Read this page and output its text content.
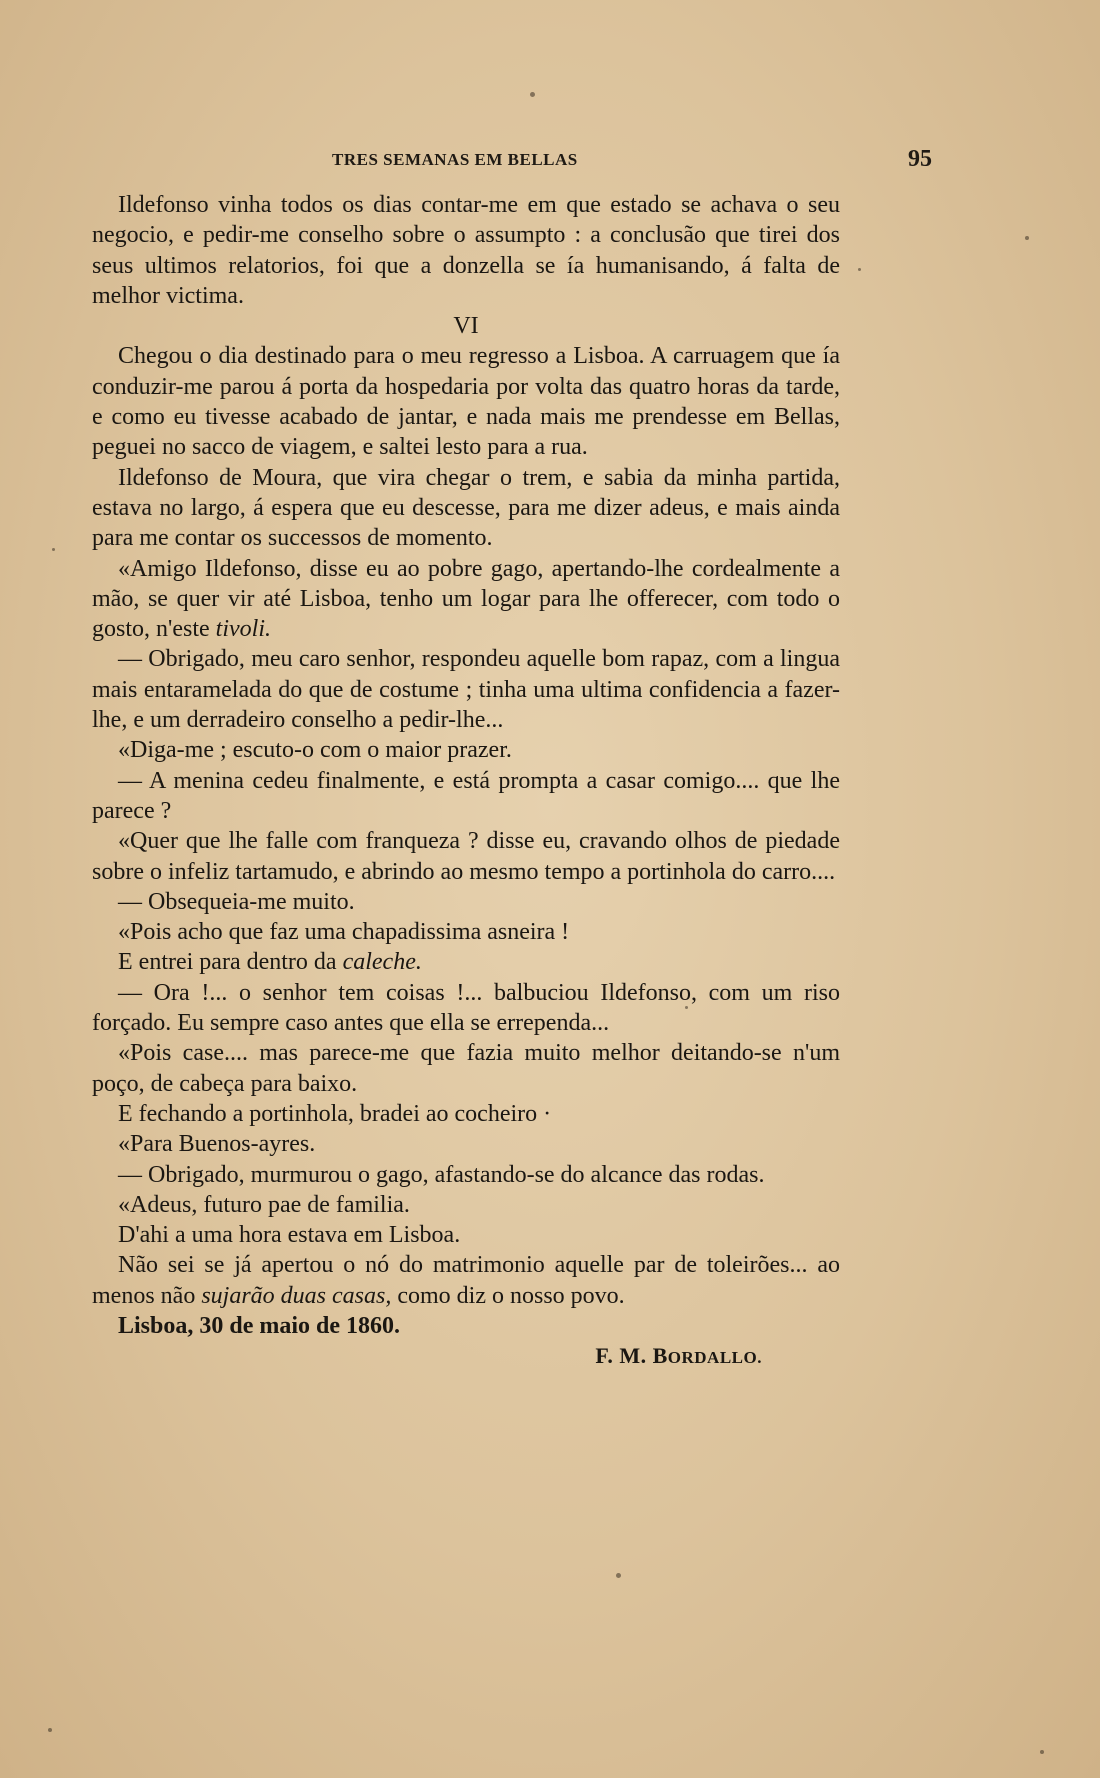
TRES SEMANAS EM BELLAS	95

Ildefonso vinha todos os dias contar-me em que estado se achava o seu negocio, e pedir-me conselho sobre o assumpto : a conclusão que tirei dos seus ultimos relatorios, foi que a donzella se ía humanisando, á falta de melhor victima.

VI

Chegou o dia destinado para o meu regresso a Lisboa. A carruagem que ía conduzir-me parou á porta da hospedaria por volta das quatro horas da tarde, e como eu tivesse acabado de jantar, e nada mais me prendesse em Bellas, peguei no sacco de viagem, e saltei lesto para a rua.

Ildefonso de Moura, que vira chegar o trem, e sabia da minha partida, estava no largo, á espera que eu descesse, para me dizer adeus, e mais ainda para me contar os successos de momento.

«Amigo Ildefonso, disse eu ao pobre gago, apertando-lhe cordealmente a mão, se quer vir até Lisboa, tenho um logar para lhe offerecer, com todo o gosto, n'este tivoli.

— Obrigado, meu caro senhor, respondeu aquelle bom rapaz, com a lingua mais entaramelada do que de costume ; tinha uma ultima confidencia a fazer-lhe, e um derradeiro conselho a pedir-lhe...

«Diga-me ; escuto-o com o maior prazer.

— A menina cedeu finalmente, e está prompta a casar comigo.... que lhe parece ?

«Quer que lhe falle com franqueza ? disse eu, cravando olhos de piedade sobre o infeliz tartamudo, e abrindo ao mesmo tempo a portinhola do carro....

— Obsequeia-me muito.

«Pois acho que faz uma chapadissima asneira !

E entrei para dentro da caleche.

— Ora !... o senhor tem coisas !... balbuciou Ildefonso, com um riso forçado. Eu sempre caso antes que ella se errependa...

«Pois case.... mas parece-me que fazia muito melhor deitando-se n'um poço, de cabeça para baixo.

E fechando a portinhola, bradei ao cocheiro ·

«Para Buenos-ayres.

— Obrigado, murmurou o gago, afastando-se do alcance das rodas.

«Adeus, futuro pae de familia.

D'ahi a uma hora estava em Lisboa.

Não sei se já apertou o nó do matrimonio aquelle par de toleirões... ao menos não sujarão duas casas, como diz o nosso povo.

Lisboa, 30 de maio de 1860.

F. M. BORDALLO.
